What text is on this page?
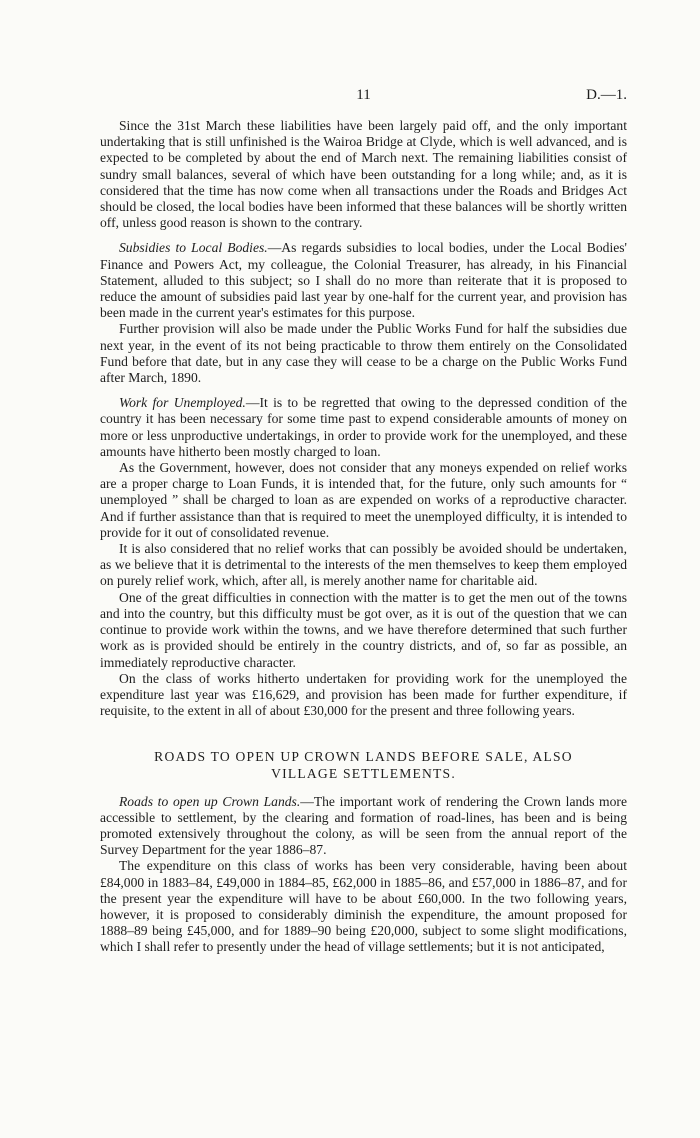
11	D.—1.

Since the 31st March these liabilities have been largely paid off, and the only important undertaking that is still unfinished is the Wairoa Bridge at Clyde, which is well advanced, and is expected to be completed by about the end of March next. The remaining liabilities consist of sundry small balances, several of which have been outstanding for a long while; and, as it is considered that the time has now come when all transactions under the Roads and Bridges Act should be closed, the local bodies have been informed that these balances will be shortly written off, unless good reason is shown to the contrary.

Subsidies to Local Bodies.—As regards subsidies to local bodies, under the Local Bodies' Finance and Powers Act, my colleague, the Colonial Treasurer, has already, in his Financial Statement, alluded to this subject; so I shall do no more than reiterate that it is proposed to reduce the amount of subsidies paid last year by one-half for the current year, and provision has been made in the current year's estimates for this purpose.

Further provision will also be made under the Public Works Fund for half the subsidies due next year, in the event of its not being practicable to throw them entirely on the Consolidated Fund before that date, but in any case they will cease to be a charge on the Public Works Fund after March, 1890.

Work for Unemployed.—It is to be regretted that owing to the depressed condition of the country it has been necessary for some time past to expend considerable amounts of money on more or less unproductive undertakings, in order to provide work for the unemployed, and these amounts have hitherto been mostly charged to loan.

As the Government, however, does not consider that any moneys expended on relief works are a proper charge to Loan Funds, it is intended that, for the future, only such amounts for “ unemployed ” shall be charged to loan as are expended on works of a reproductive character. And if further assistance than that is required to meet the unemployed difficulty, it is intended to provide for it out of consolidated revenue.

It is also considered that no relief works that can possibly be avoided should be undertaken, as we believe that it is detrimental to the interests of the men themselves to keep them employed on purely relief work, which, after all, is merely another name for charitable aid.

One of the great difficulties in connection with the matter is to get the men out of the towns and into the country, but this difficulty must be got over, as it is out of the question that we can continue to provide work within the towns, and we have therefore determined that such further work as is provided should be entirely in the country districts, and of, so far as possible, an immediately reproductive character.

On the class of works hitherto undertaken for providing work for the unemployed the expenditure last year was £16,629, and provision has been made for further expenditure, if requisite, to the extent in all of about £30,000 for the present and three following years.

ROADS TO OPEN UP CROWN LANDS BEFORE SALE, ALSO
VILLAGE SETTLEMENTS.

Roads to open up Crown Lands.—The important work of rendering the Crown lands more accessible to settlement, by the clearing and formation of road-lines, has been and is being promoted extensively throughout the colony, as will be seen from the annual report of the Survey Department for the year 1886–87.

The expenditure on this class of works has been very considerable, having been about £84,000 in 1883–84, £49,000 in 1884–85, £62,000 in 1885–86, and £57,000 in 1886–87, and for the present year the expenditure will have to be about £60,000. In the two following years, however, it is proposed to considerably diminish the expenditure, the amount proposed for 1888–89 being £45,000, and for 1889–90 being £20,000, subject to some slight modifications, which I shall refer to presently under the head of village settlements; but it is not anticipated,
